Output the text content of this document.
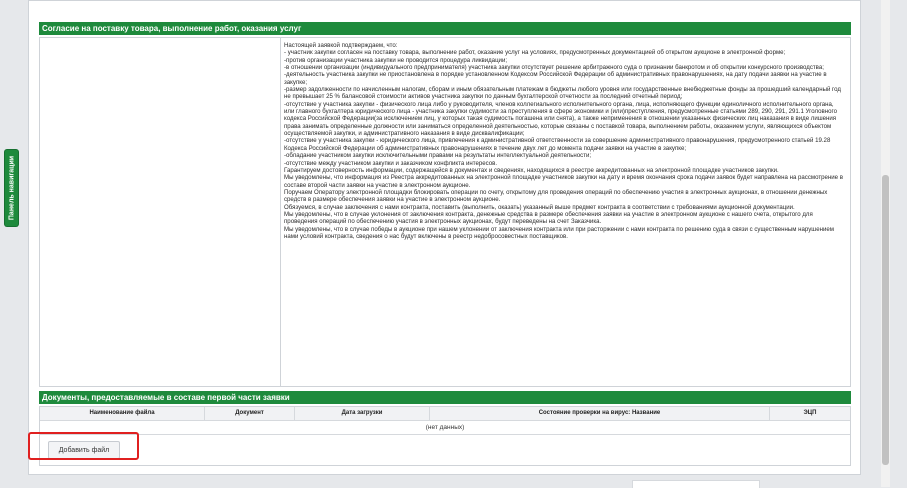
Панель навигации
Согласие на поставку товара, выполнение работ, оказания услуг

Настоящей заявкой подтверждаем, что:

- участник закупки согласен на поставку товара, выполнение работ, оказание услуг на условиях, предусмотренных документацией об открытом аукционе в электронной форме;

-против организации участника закупки не проводится процедура ликвидации;

-в отношении организации (индивидуального предпринимателя) участника закупки отсутствует решение арбитражного суда о признании банкротом и об открытии конкурсного производства;

-деятельность участника закупки не приостановлена в порядке установленном Кодексом Российской Федерации об административных правонарушениях, на дату подачи заявки на участие в закупке;

-размер задолженности по начисленным налогам, сборам и иным обязательным платежам в бюджеты любого уровня или государственные внебюджетные фонды за прошедший календарный год не превышает 25 % балансовой стоимости активов участника закупки по данным бухгалтерской отчетности за последний отчетный период;

-отсутствие у участника закупки - физического лица либо у руководителя, членов коллегиального исполнительного органа, лица, исполняющего функции единоличного исполнительного органа, или главного бухгалтера юридического лица - участника закупки судимости за преступления в сфере экономики и (или)преступления, предусмотренные статьями 289, 290, 291, 291.1 Уголовного кодекса Российской Федерации(за исключением лиц, у которых такая судимость погашена или снята), а также неприменения в отношении указанных физических лиц наказания в виде лишения права занимать определенные должности или заниматься определенной деятельностью, которые связаны с поставкой товара, выполнением работы, оказанием услуги, являющихся объектом осуществляемой закупки, и административного наказания в виде дисквалификации;

-отсутствие у участника закупки - юридического лица, привлечения к административной ответственности за совершение административного правонарушения, предусмотренного статьей 19.28 Кодекса Российской Федерации об административных правонарушениях в течение двух лет до момента подачи заявки на участие в закупке;

-обладание участником закупки исключительными правами на результаты интеллектуальной деятельности;

-отсутствие между участником закупки и заказчиком конфликта интересов.

Гарантируем достоверность информации, содержащейся в документах и сведениях, находящихся в реестре аккредитованных на электронной площадке участников закупки.

Мы уведомлены, что информация из Реестра аккредитованных на электронной площадке участников закупки на дату и время окончания срока подачи заявок будет направлена на рассмотрение в составе второй части заявки на участие в электронном аукционе.

Поручаем Оператору электронной площадки блокировать операции по счету, открытому для проведения операций по обеспечению участия в электронных аукционах, в отношении денежных средств в размере обеспечения заявки на участие в электронном аукционе.

Обязуемся, в случае заключения с нами контракта, поставить (выполнить, оказать) указанный выше предмет контракта в соответствии с требованиями аукционной документации.

Мы уведомлены, что в случае уклонения от заключения контракта, денежные средства в размере обеспечения заявки на участие в электронном аукционе с нашего счета, открытого для проведения операций по обеспечению участия в электронных аукционах, будут переведены на счет Заказчика.

Мы уведомлены, что в случае победы в аукционе при нашем уклонении от заключения контракта или при расторжении с нами контракта по решению суда в связи с существенным нарушением нами условий контракта, сведения о нас будут включены в реестр недобросовестных поставщиков.

Документы, предоставляемые в составе первой части заявки
Наименование файла	Документ	Дата загрузки	Состояние проверки на вирус: Название	ЭЦП
(нет данных)
Добавить файл
